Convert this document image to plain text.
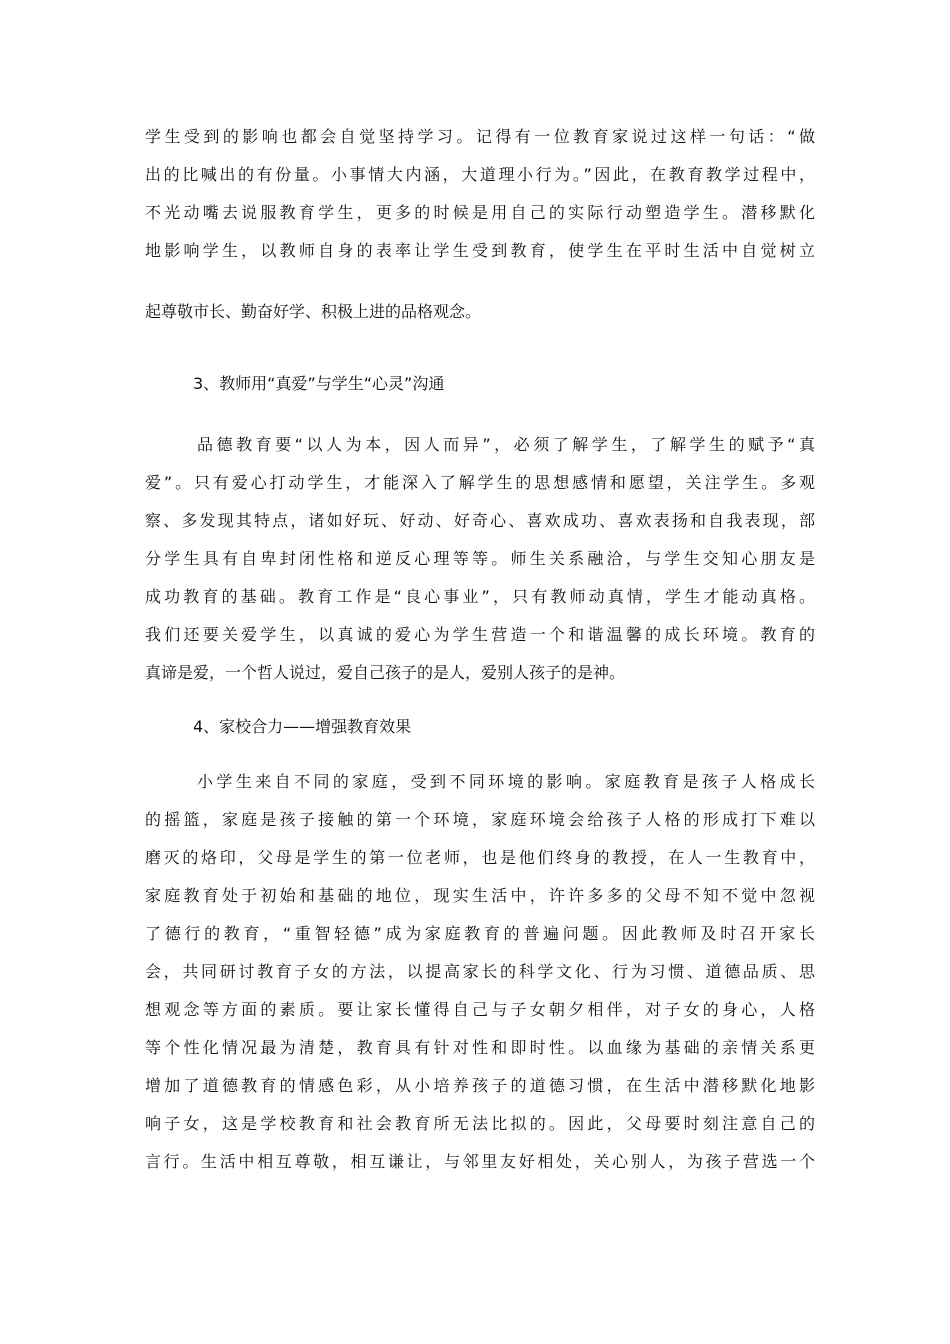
学生受到的影响也都会自觉坚持学习。记得有一位教育家说过这样一句话：“做
出的比喊出的有份量。小事情大内涵，大道理小行为。”因此，在教育教学过程中，
不光动嘴去说服教育学生，更多的时候是用自己的实际行动塑造学生。潜移默化
地影响学生，以教师自身的表率让学生受到教育，使学生在平时生活中自觉树立
起尊敬市长、勤奋好学、积极上进的品格观念。
3、教师用“真爱”与学生“心灵”沟通
品德教育要“以人为本，因人而异”，必须了解学生，了解学生的赋予“真
爱”。只有爱心打动学生，才能深入了解学生的思想感情和愿望，关注学生。多观
察、多发现其特点，诸如好玩、好动、好奇心、喜欢成功、喜欢表扬和自我表现，部
分学生具有自卑封闭性格和逆反心理等等。师生关系融洽，与学生交知心朋友是
成功教育的基础。教育工作是“良心事业”，只有教师动真情，学生才能动真格。
我们还要关爱学生，以真诚的爱心为学生营造一个和谐温馨的成长环境。教育的
真谛是爱，一个哲人说过，爱自己孩子的是人，爱别人孩子的是神。
4、家校合力——增强教育效果
小学生来自不同的家庭，受到不同环境的影响。家庭教育是孩子人格成长
的摇篮，家庭是孩子接触的第一个环境，家庭环境会给孩子人格的形成打下难以
磨灭的烙印，父母是学生的第一位老师，也是他们终身的教授，在人一生教育中，
家庭教育处于初始和基础的地位，现实生活中，许许多多的父母不知不觉中忽视
了德行的教育，“重智轻德”成为家庭教育的普遍问题。因此教师及时召开家长
会，共同研讨教育子女的方法，以提高家长的科学文化、行为习惯、道德品质、思
想观念等方面的素质。要让家长懂得自己与子女朝夕相伴，对子女的身心，人格
等个性化情况最为清楚，教育具有针对性和即时性。以血缘为基础的亲情关系更
增加了道德教育的情感色彩，从小培养孩子的道德习惯，在生活中潜移默化地影
响子女，这是学校教育和社会教育所无法比拟的。因此，父母要时刻注意自己的
言行。生活中相互尊敬，相互谦让，与邻里友好相处，关心别人，为孩子营选一个
